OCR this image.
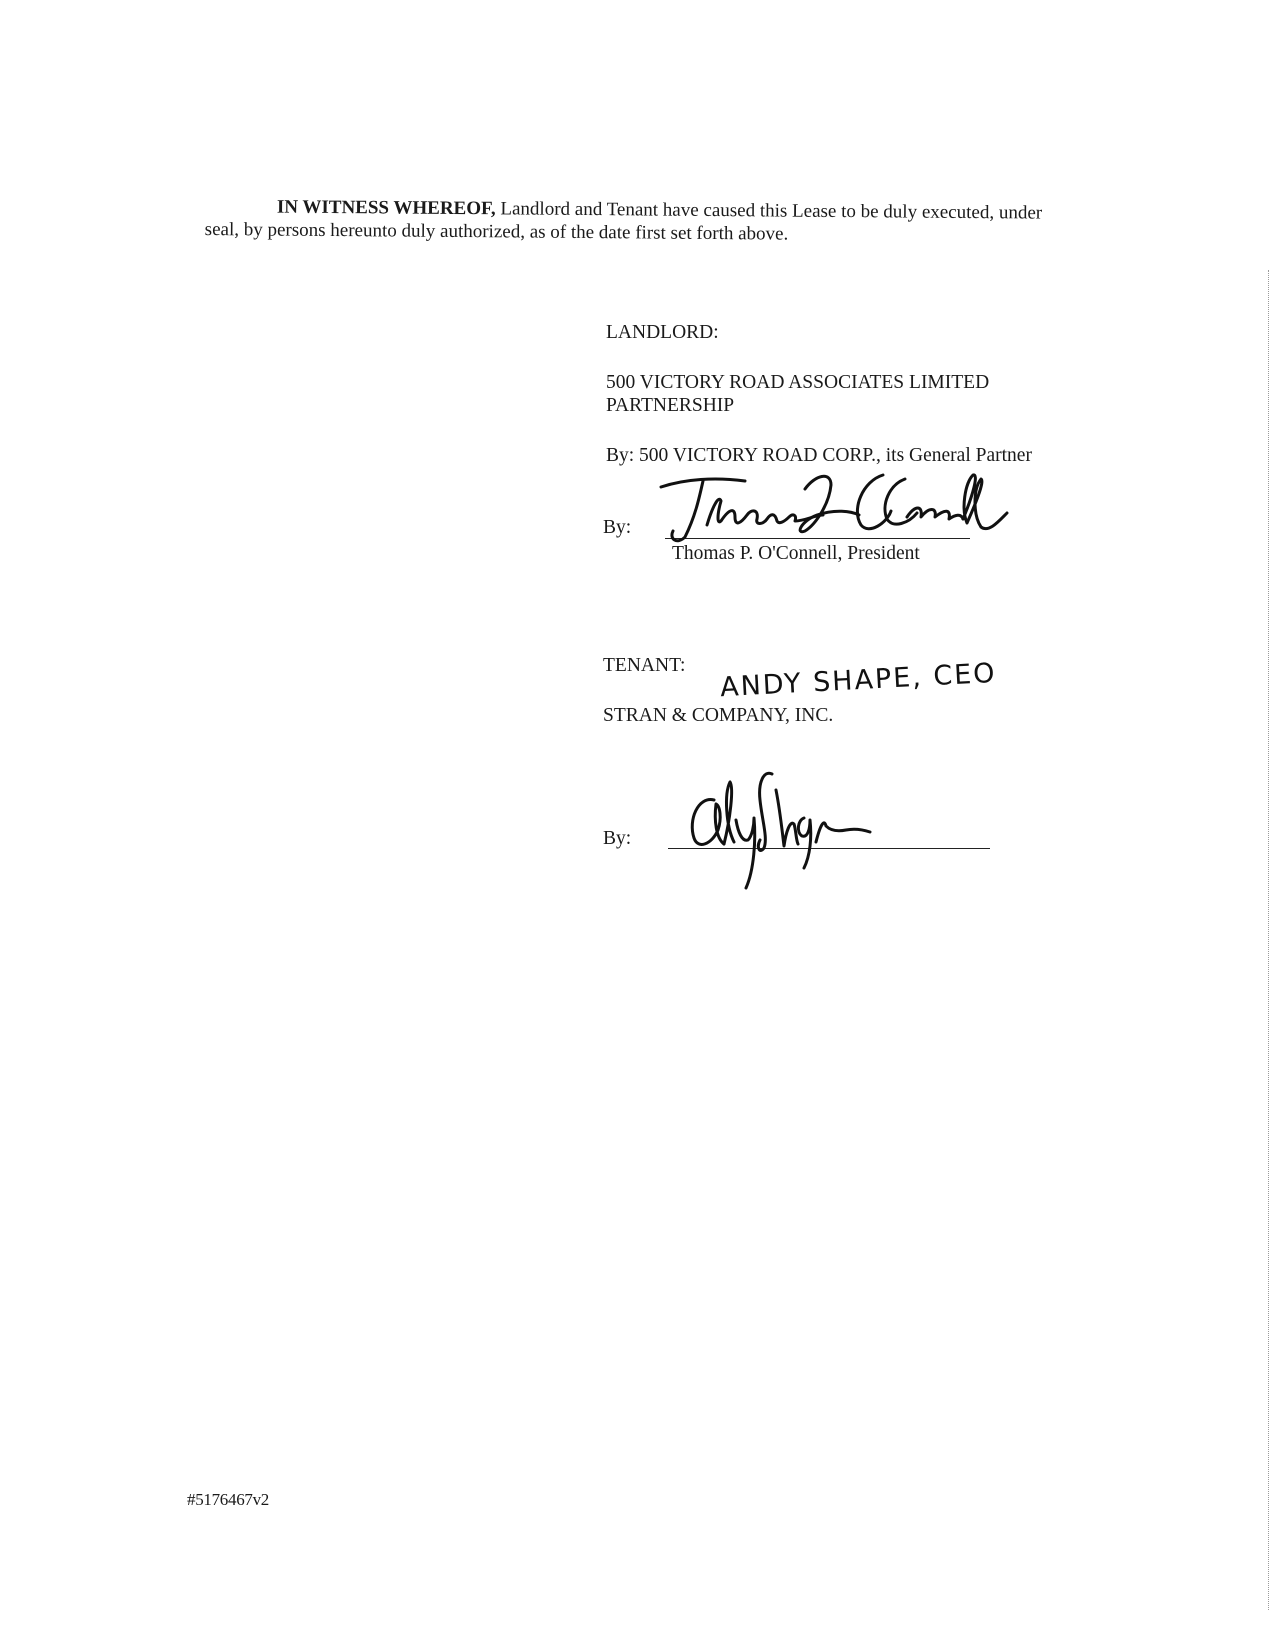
IN WITNESS WHEREOF, Landlord and Tenant have caused this Lease to be duly executed, under seal, by persons hereunto duly authorized, as of the date first set forth above.

LANDLORD:
500 VICTORY ROAD ASSOCIATES LIMITED
PARTNERSHIP
By: 500 VICTORY ROAD CORP., its General Partner
By:
Thomas P. O'Connell, President
TENANT: ANDY SHAPE, CEO
STRAN & COMPANY, INC.
By:
#5176467v2
